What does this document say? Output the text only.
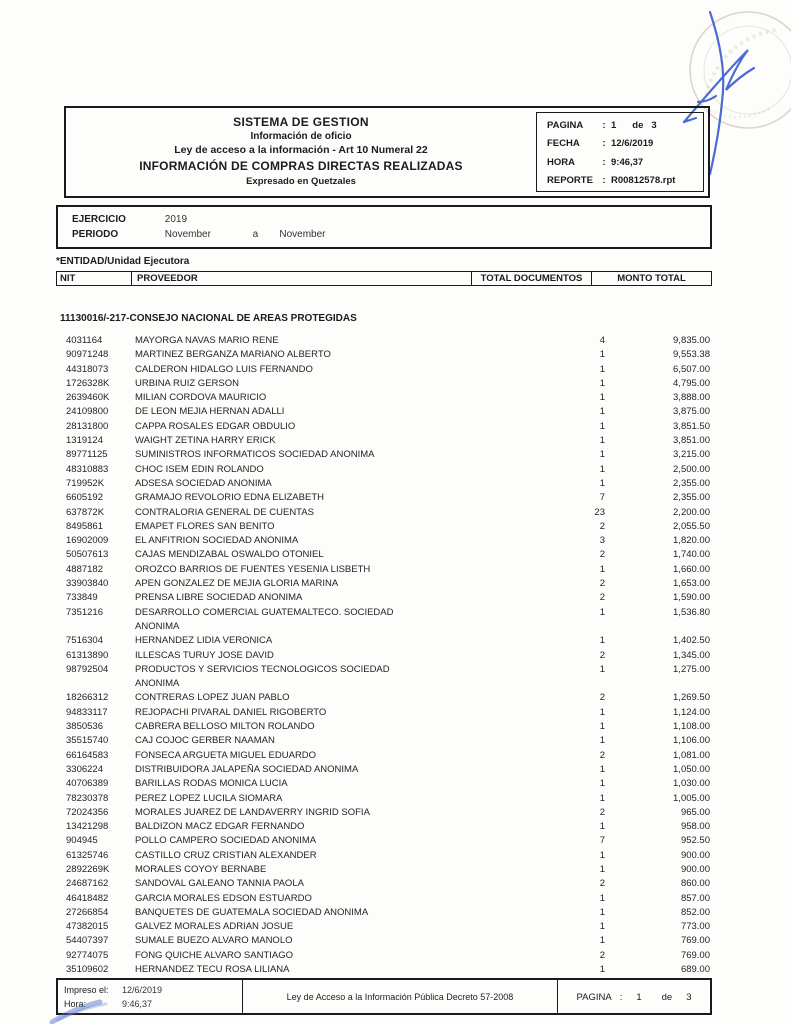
SISTEMA DE GESTION
Información de oficio
Ley de acceso a la información - Art 10 Numeral 22
INFORMACIÓN DE COMPRAS DIRECTAS REALIZADAS
Expresado en Quetzales
PAGINA	: 1 de 3
FECHA	: 12/6/2019
HORA	: 9:46,37
REPORTE : R00812578.rpt
EJERCICIO	2019
PERIODO	November	a November
*ENTIDAD/Unidad Ejecutora
NIT	PROVEEDOR	TOTAL DOCUMENTOS	MONTO TOTAL
11130016/-217-CONSEJO NACIONAL DE AREAS PROTEGIDAS
4031164	MAYORGA NAVAS MARIO RENE	4	9,835.00
90971248	MARTINEZ BERGANZA MARIANO ALBERTO	1	9,553.38
44318073	CALDERON HIDALGO LUIS FERNANDO	1	6,507.00
1726328K	URBINA RUIZ GERSON	1	4,795.00
2639460K	MILIAN CORDOVA MAURICIO	1	3,888.00
24109800	DE LEON MEJIA HERNAN ADALLI	1	3,875.00
28131800	CAPPA ROSALES EDGAR OBDULIO	1	3,851.50
1319124	WAIGHT ZETINA HARRY ERICK	1	3,851.00
89771125	SUMINISTROS INFORMATICOS SOCIEDAD ANONIMA	1	3,215.00
48310883	CHOC ISEM EDIN ROLANDO	1	2,500.00
719952K	ADSESA SOCIEDAD ANONIMA	1	2,355.00
6605192	GRAMAJO REVOLORIO EDNA ELIZABETH	7	2,355.00
637872K	CONTRALORIA GENERAL DE CUENTAS	23	2,200.00
8495861	EMAPET FLORES SAN BENITO	2	2,055.50
16902009	EL ANFITRION SOCIEDAD ANONIMA	3	1,820.00
50507613	CAJAS MENDIZABAL OSWALDO OTONIEL	2	1,740.00
4887182	OROZCO BARRIOS DE FUENTES YESENIA LISBETH	1	1,660.00
33903840	APEN GONZALEZ DE MEJIA GLORIA MARINA	2	1,653.00
733849	PRENSA LIBRE SOCIEDAD ANONIMA	2	1,590.00
7351216	DESARROLLO COMERCIAL GUATEMALTECO. SOCIEDAD
ANONIMA
1	1,536.80
7516304	HERNANDEZ LIDIA VERONICA	1	1,402.50
61313890	ILLESCAS TURUY JOSE DAVID	2	1,345.00
98792504	PRODUCTOS Y SERVICIOS TECNOLOGICOS SOCIEDAD
ANONIMA
1	1,275.00
18266312	CONTRERAS LOPEZ JUAN PABLO	2	1,269.50
94833117	REJOPACHI PIVARAL DANIEL RIGOBERTO	1	1,124.00
3850536	CABRERA BELLOSO MILTON ROLANDO	1	1,108.00
35515740	CAJ COJOC GERBER NAAMAN	1	1,106.00
66164583	FONSECA ARGUETA MIGUEL EDUARDO	2	1,081.00
3306224	DISTRIBUIDORA JALAPEÑA SOCIEDAD ANONIMA	1	1,050.00
40706389	BARILLAS RODAS MONICA LUCIA	1	1,030.00
78230378	PEREZ LOPEZ LUCILA SIOMARA	1	1,005.00
72024356	MORALES JUAREZ DE LANDAVERRY INGRID SOFIA	2	965.00
13421298	BALDIZON MACZ EDGAR FERNANDO	1	958.00
904945	POLLO CAMPERO SOCIEDAD ANONIMA	7	952.50
61325746	CASTILLO CRUZ CRISTIAN ALEXANDER	1	900.00
2892269K	MORALES COYOY BERNABE	1	900.00
24687162	SANDOVAL GALEANO TANNIA PAOLA	2	860.00
46418482	GARCIA MORALES EDSON ESTUARDO	1	857.00
27266854	BANQUETES DE GUATEMALA SOCIEDAD ANONIMA	1	852.00
47382015	GALVEZ MORALES ADRIAN JOSUE	1	773.00
54407397	SUMALE BUEZO ALVARO MANOLO	1	769.00
92774075	FONG QUICHE ALVARO SANTIAGO	2	769.00
35109602	HERNANDEZ TECU ROSA LILIANA	1	689.00
Impreso el:	12/6/2019
Hora:	9:46,37
Ley de Acceso a la Información Pública Decreto 57-2008	PAGINA : 1 de 3
